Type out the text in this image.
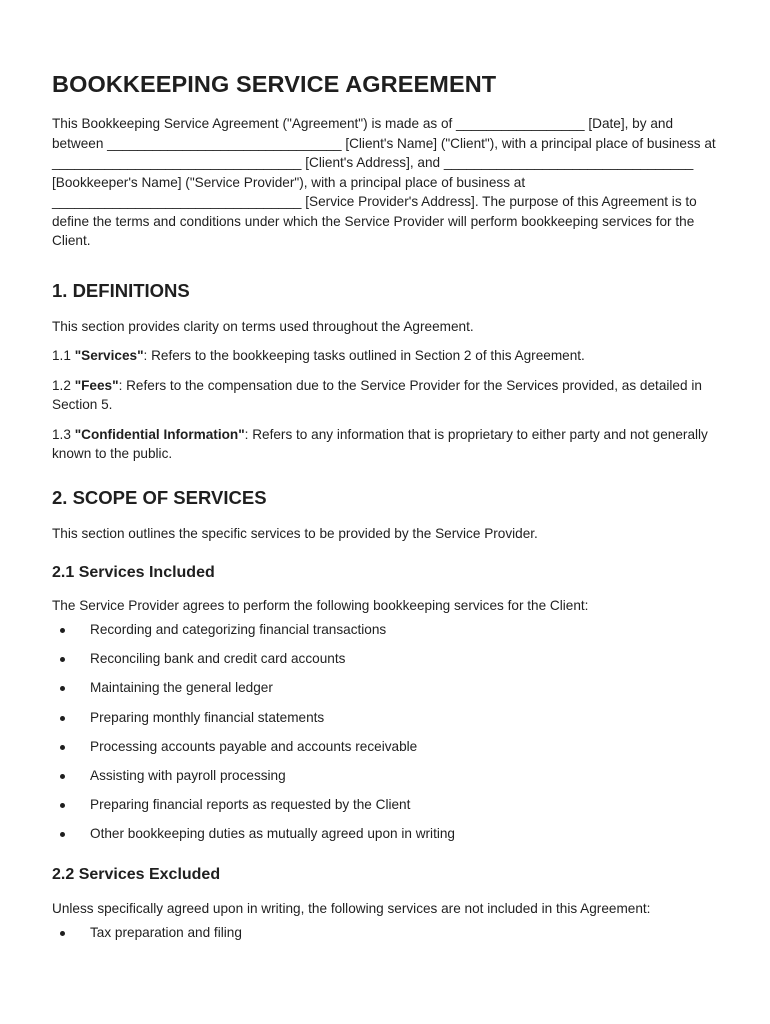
BOOKKEEPING SERVICE AGREEMENT

This Bookkeeping Service Agreement ("Agreement") is made as of _________________ [Date], by and between _______________________________ [Client's Name] ("Client"), with a principal place of business at _________________________________ [Client's Address], and _________________________________ [Bookkeeper's Name] ("Service Provider"), with a principal place of business at _________________________________ [Service Provider's Address]. The purpose of this Agreement is to define the terms and conditions under which the Service Provider will perform bookkeeping services for the Client.

1. DEFINITIONS

This section provides clarity on terms used throughout the Agreement.

1.1 "Services": Refers to the bookkeeping tasks outlined in Section 2 of this Agreement.

1.2 "Fees": Refers to the compensation due to the Service Provider for the Services provided, as detailed in Section 5.

1.3 "Confidential Information": Refers to any information that is proprietary to either party and not generally known to the public.

2. SCOPE OF SERVICES

This section outlines the specific services to be provided by the Service Provider.

2.1 Services Included

The Service Provider agrees to perform the following bookkeeping services for the Client:

Recording and categorizing financial transactions
Reconciling bank and credit card accounts
Maintaining the general ledger
Preparing monthly financial statements
Processing accounts payable and accounts receivable
Assisting with payroll processing
Preparing financial reports as requested by the Client
Other bookkeeping duties as mutually agreed upon in writing
2.2 Services Excluded

Unless specifically agreed upon in writing, the following services are not included in this Agreement:

Tax preparation and filing
